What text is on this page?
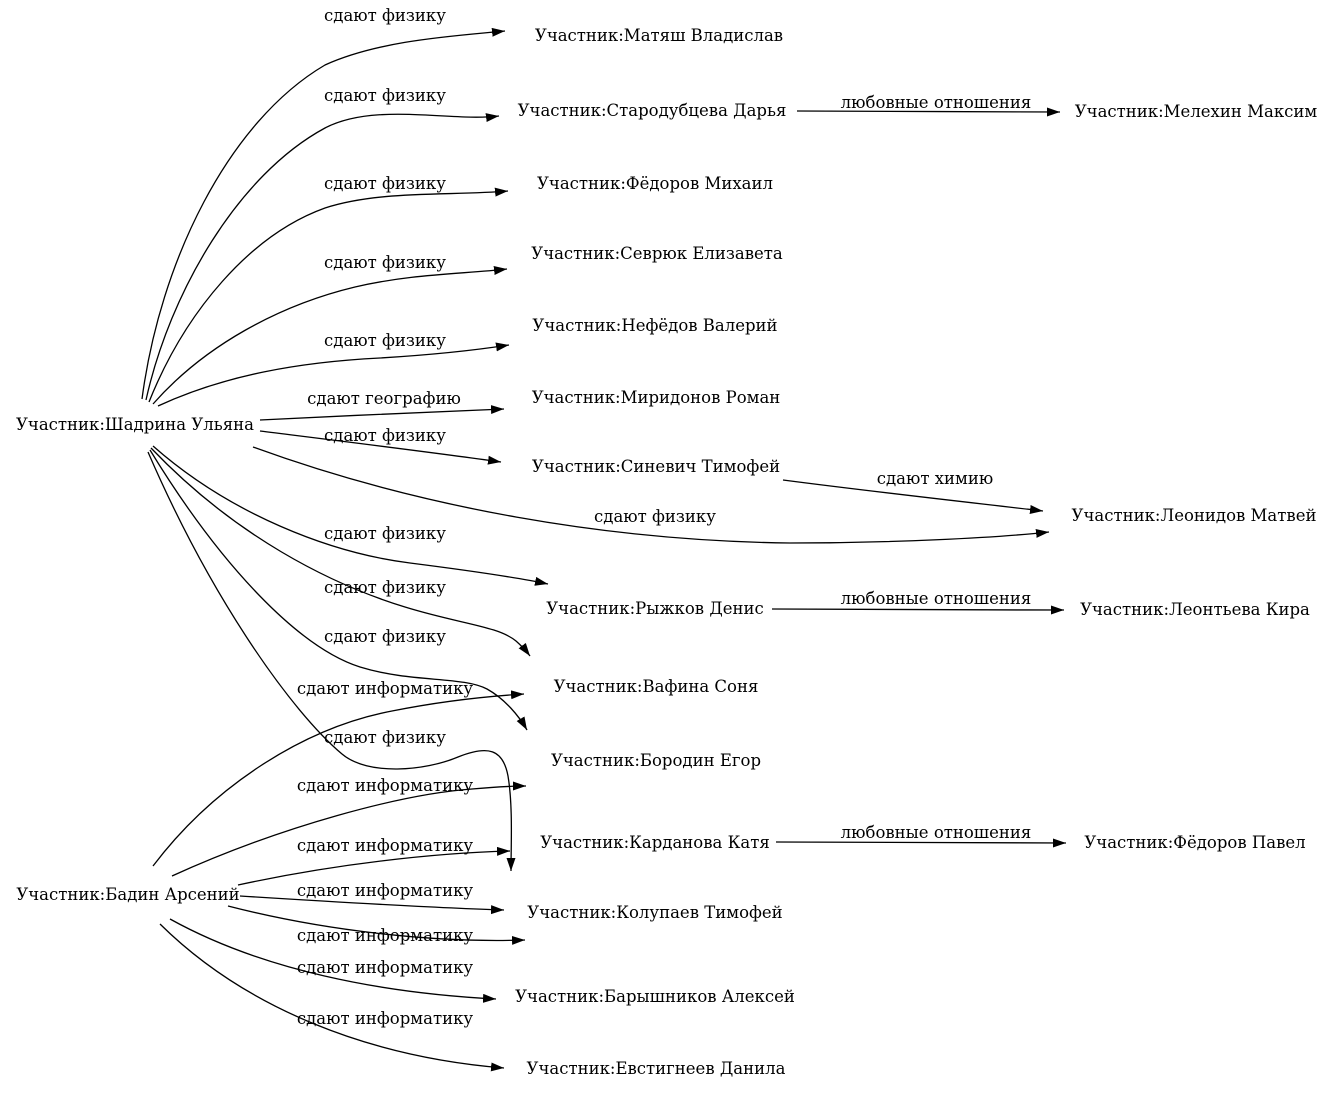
сдают физику
сдают физику
сдают физику
сдают физику
сдают физику
сдают географию
сдают физику
сдают физику
сдают физику
сдают физику
сдают физику
сдают физику
сдают информатику
сдают информатику
сдают информатику
сдают информатику
сдают информатику
сдают информатику
сдают информатику
любовные отношения
сдают химию
любовные отношения
любовные отношения
Участник:Шадрина Ульяна
Участник:Бадин Арсений
Участник:Матяш Владислав
Участник:Стародубцева Дарья	Участник:Мелехин Максим
Участник:Фёдоров Михаил
Участник:Севрюк Елизавета
Участник:Нефёдов Валерий
Участник:Миридонов Роман
Участник:Синевич Тимофей
Участник:Леонидов Матвей
Участник:Рыжков Денис	Участник:Леонтьева Кира
Участник:Вафина Соня
Участник:Бородин Егор
Участник:Карданова Катя	Участник:Фёдоров Павел
Участник:Колупаев Тимофей
Участник:Барышников Алексей
Участник:Евстигнеев Данила
